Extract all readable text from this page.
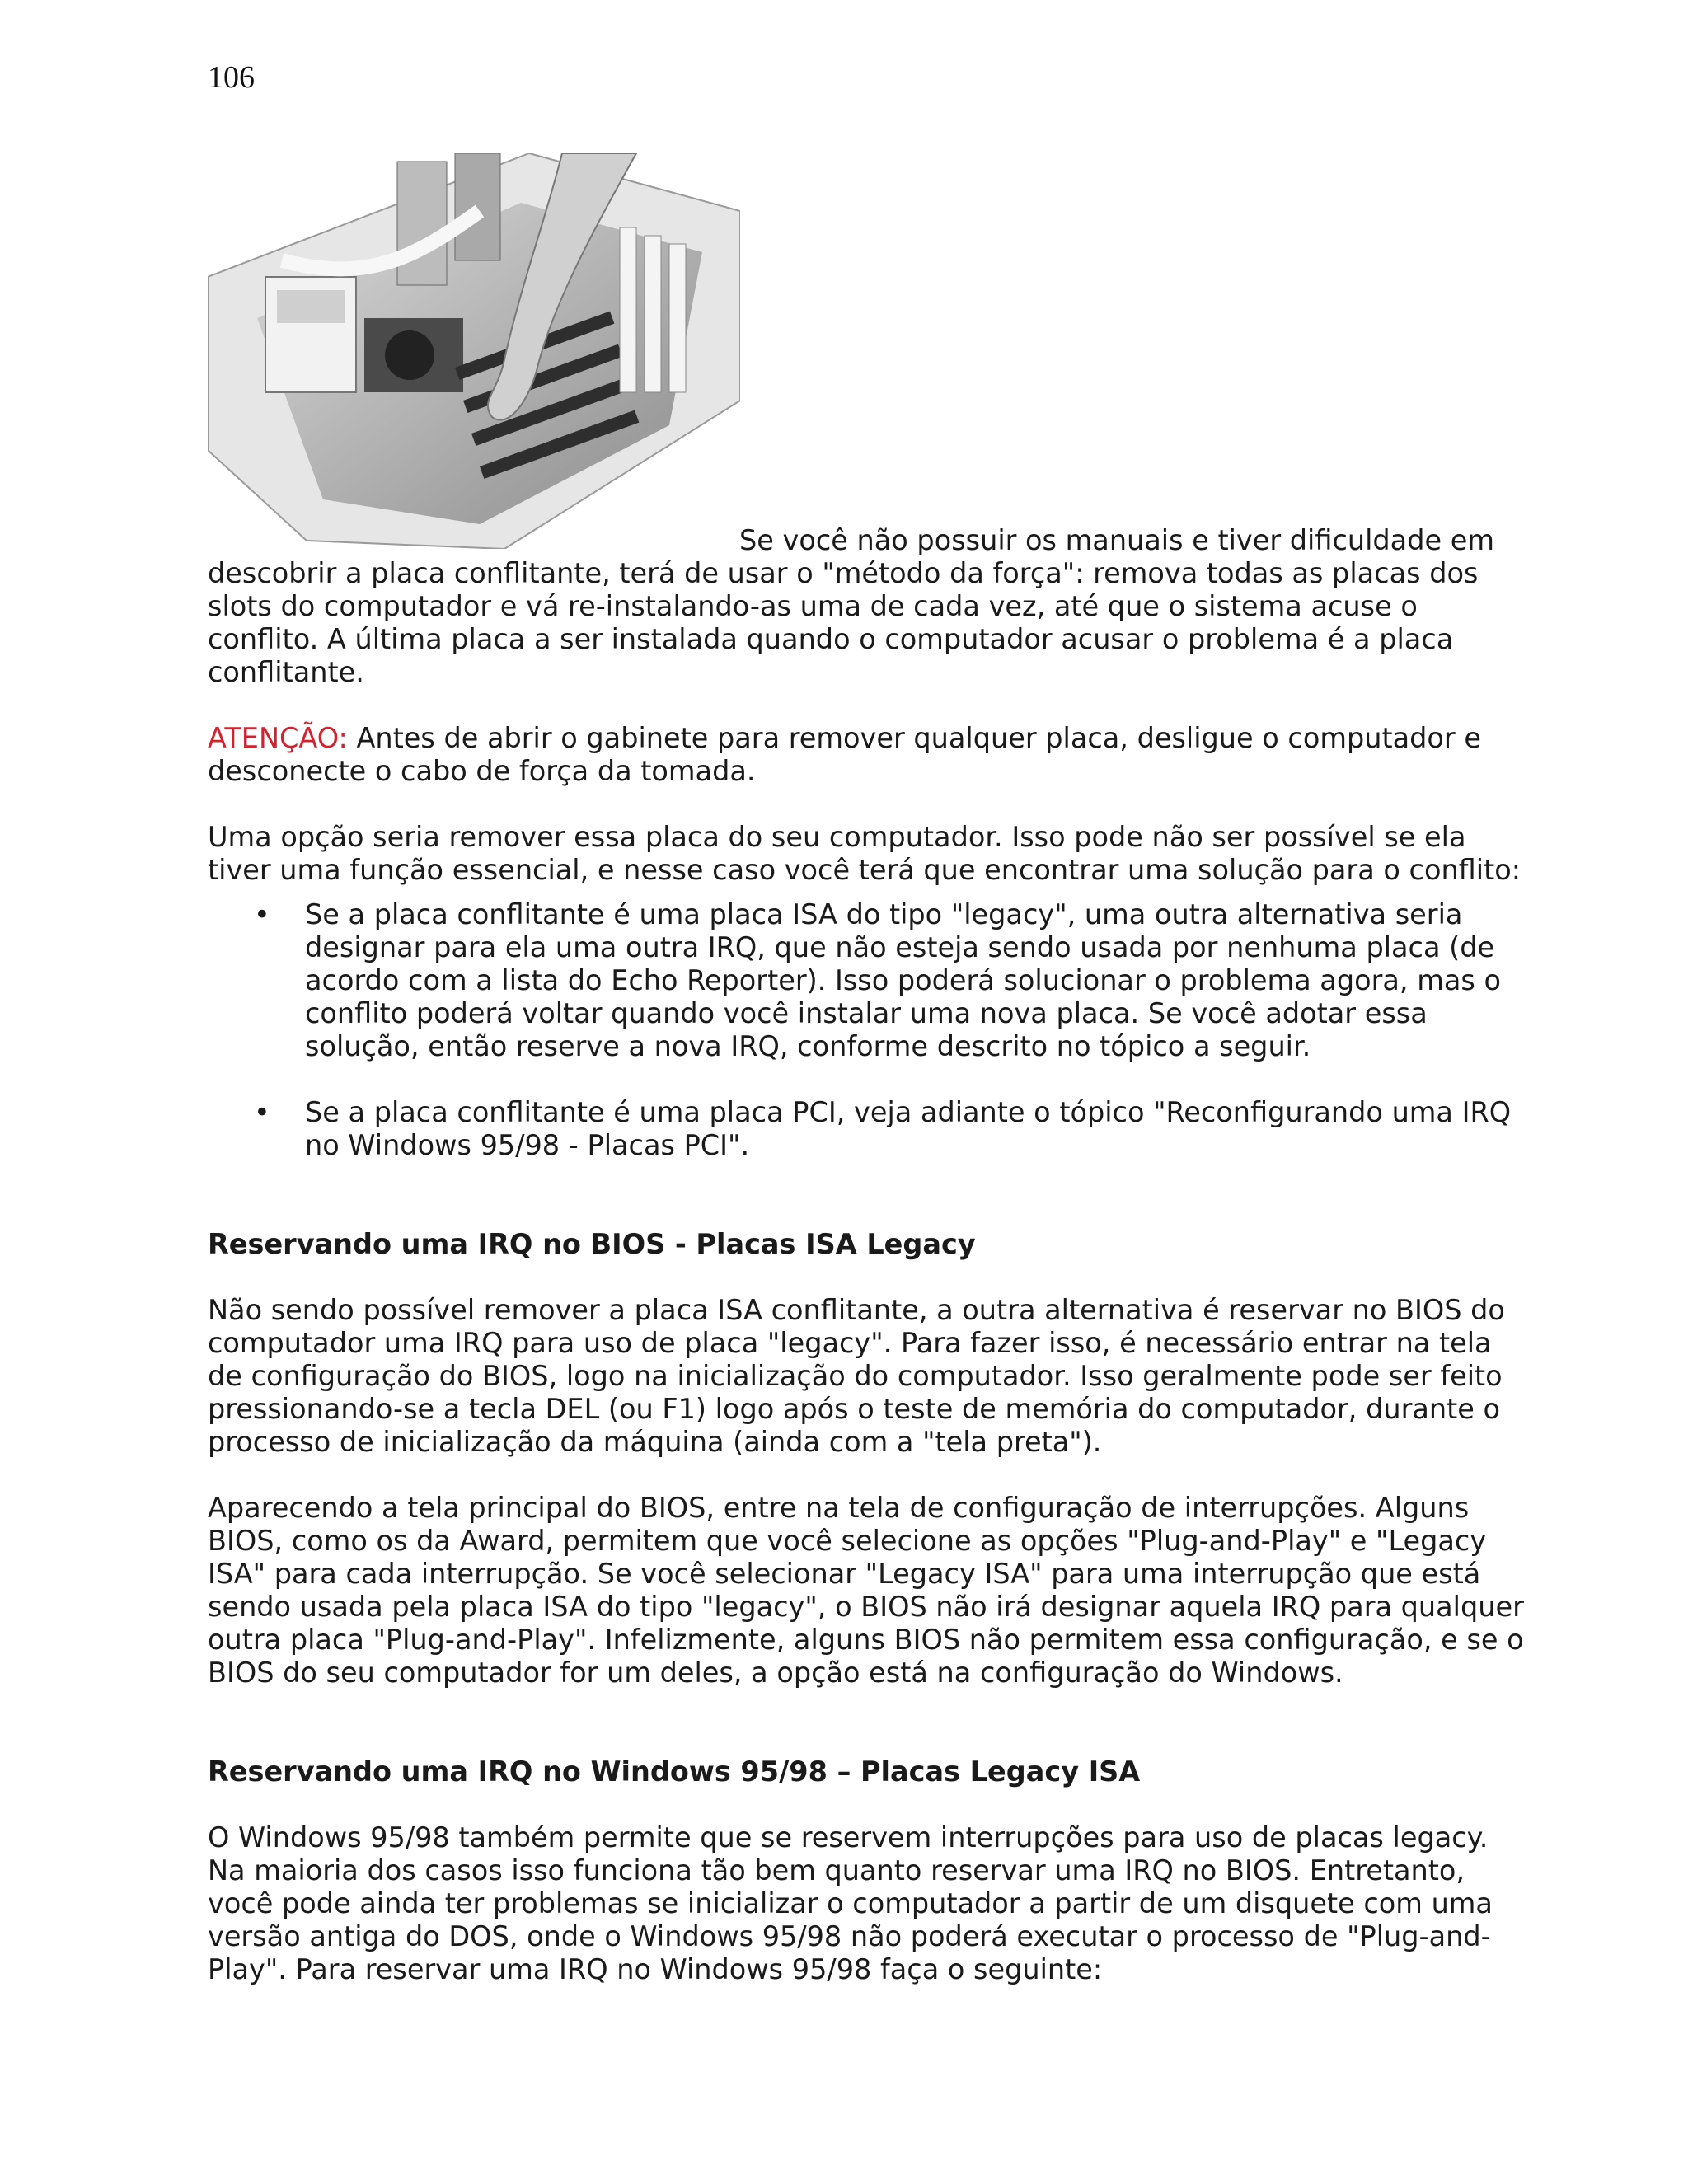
106

Se você não possuir os manuais e tiver dificuldade em descobrir a placa conflitante, terá de usar o "método da força": remova todas as placas dos slots do computador e vá re-instalando-as uma de cada vez, até que o sistema acuse o conflito. A última placa a ser instalada quando o computador acusar o problema é a placa conflitante.

ATENÇÃO: Antes de abrir o gabinete para remover qualquer placa, desligue o computador e desconecte o cabo de força da tomada.

Uma opção seria remover essa placa do seu computador. Isso pode não ser possível se ela tiver uma função essencial, e nesse caso você terá que encontrar uma solução para o conflito:

• Se a placa conflitante é uma placa ISA do tipo "legacy", uma outra alternativa seria designar para ela uma outra IRQ, que não esteja sendo usada por nenhuma placa (de acordo com a lista do Echo Reporter). Isso poderá solucionar o problema agora, mas o conflito poderá voltar quando você instalar uma nova placa. Se você adotar essa solução, então reserve a nova IRQ, conforme descrito no tópico a seguir.
• Se a placa conflitante é uma placa PCI, veja adiante o tópico "Reconfigurando uma IRQ no Windows 95/98 - Placas PCI".
Reservando uma IRQ no BIOS - Placas ISA Legacy

Não sendo possível remover a placa ISA conflitante, a outra alternativa é reservar no BIOS do computador uma IRQ para uso de placa "legacy". Para fazer isso, é necessário entrar na tela de configuração do BIOS, logo na inicialização do computador. Isso geralmente pode ser feito pressionando-se a tecla DEL (ou F1) logo após o teste de memória do computador, durante o processo de inicialização da máquina (ainda com a "tela preta").

Aparecendo a tela principal do BIOS, entre na tela de configuração de interrupções. Alguns BIOS, como os da Award, permitem que você selecione as opções "Plug-and-Play" e "Legacy ISA" para cada interrupção. Se você selecionar "Legacy ISA" para uma interrupção que está sendo usada pela placa ISA do tipo "legacy", o BIOS não irá designar aquela IRQ para qualquer outra placa "Plug-and-Play". Infelizmente, alguns BIOS não permitem essa configuração, e se o BIOS do seu computador for um deles, a opção está na configuração do Windows.

Reservando uma IRQ no Windows 95/98 – Placas Legacy ISA

O Windows 95/98 também permite que se reservem interrupções para uso de placas legacy. Na maioria dos casos isso funciona tão bem quanto reservar uma IRQ no BIOS. Entretanto, você pode ainda ter problemas se inicializar o computador a partir de um disquete com uma versão antiga do DOS, onde o Windows 95/98 não poderá executar o processo de "Plug-and-Play". Para reservar uma IRQ no Windows 95/98 faça o seguinte:
